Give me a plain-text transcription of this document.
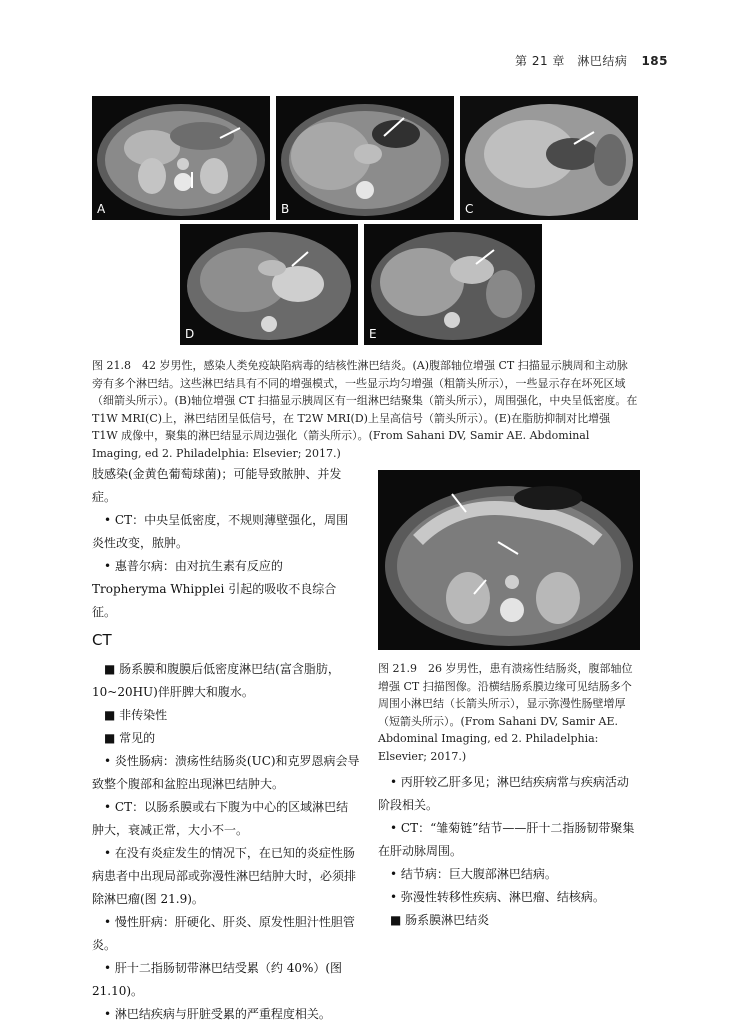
第 21 章　淋巴结病 185
A	B	C
D	E
图 21.8　42 岁男性，感染人类免疫缺陷病毒的结核性淋巴结炎。(A)腹部轴位增强 CT 扫描显示胰周和主动脉旁有多个淋巴结。这些淋巴结具有不同的增强模式，一些显示均匀增强（粗箭头所示），一些显示存在坏死区域（细箭头所示）。(B)轴位增强 CT 扫描显示胰周区有一组淋巴结聚集（箭头所示），周围强化，中央呈低密度。在 T1W MRI(C)上，淋巴结团呈低信号，在 T2W MRI(D)上呈高信号（箭头所示）。(E)在脂肪抑制对比增强 T1W 成像中，聚集的淋巴结显示周边强化（箭头所示）。(From Sahani DV, Samir AE. Abdominal Imaging, ed 2. Philadelphia: Elsevier; 2017.)

肢感染(金黄色葡萄球菌)；可能导致脓肿、并发症。

• CT：中央呈低密度，不规则薄壁强化，周围炎性改变，脓肿。

• 惠普尔病：由对抗生素有反应的 Tropheryma Whipplei 引起的吸收不良综合征。

CT

■ 肠系膜和腹膜后低密度淋巴结(富含脂肪，10~20HU)伴肝脾大和腹水。

■ 非传染性

■ 常见的

• 炎性肠病：溃疡性结肠炎(UC)和克罗恩病会导致整个腹部和盆腔出现淋巴结肿大。

• CT：以肠系膜或右下腹为中心的区域淋巴结肿大，衰减正常，大小不一。

• 在没有炎症发生的情况下，在已知的炎症性肠病患者中出现局部或弥漫性淋巴结肿大时，必须排除淋巴瘤(图 21.9)。

• 慢性肝病：肝硬化、肝炎、原发性胆汁性胆管炎。

• 肝十二指肠韧带淋巴结受累（约 40%）(图 21.10)。

• 淋巴结疾病与肝脏受累的严重程度相关。

图 21.9　26 岁男性，患有溃疡性结肠炎，腹部轴位增强 CT 扫描图像。沿横结肠系膜边缘可见结肠多个周围小淋巴结（长箭头所示），显示弥漫性肠壁增厚（短箭头所示）。(From Sahani DV, Samir AE. Abdominal Imaging, ed 2. Philadelphia: Elsevier; 2017.)

• 丙肝较乙肝多见；淋巴结疾病常与疾病活动阶段相关。

• CT：“雏菊链”结节——肝十二指肠韧带聚集在肝动脉周围。

• 结节病：巨大腹部淋巴结病。

• 弥漫性转移性疾病、淋巴瘤、结核病。

■ 肠系膜淋巴结炎
